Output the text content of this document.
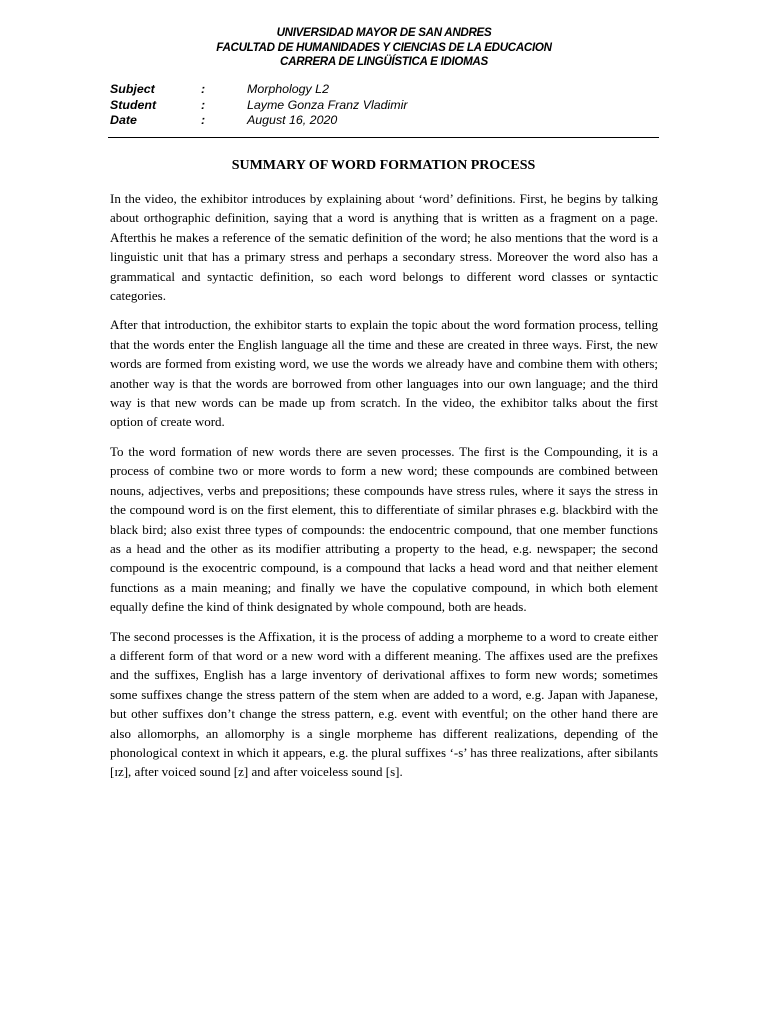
UNIVERSIDAD MAYOR DE SAN ANDRES
FACULTAD DE HUMANIDADES Y CIENCIAS DE LA EDUCACION
CARRERA DE LINGÜÍSTICA E IDIOMAS
Subject	:	Morphology L2
Student	:	Layme Gonza Franz Vladimir
Date	:	August 16, 2020
SUMMARY OF WORD FORMATION PROCESS

In the video, the exhibitor introduces by explaining about ‘word’ definitions. First, he begins by talking about orthographic definition, saying that a word is anything that is written as a fragment on a page. Afterthis he makes a reference of the sematic definition of the word; he also mentions that the word is a linguistic unit that has a primary stress and perhaps a secondary stress. Moreover the word also has a grammatical and syntactic definition, so each word belongs to different word classes or syntactic categories.

After that introduction, the exhibitor starts to explain the topic about the word formation process, telling that the words enter the English language all the time and these are created in three ways. First, the new words are formed from existing word, we use the words we already have and combine them with others; another way is that the words are borrowed from other languages into our own language; and the third way is that new words can be made up from scratch. In the video, the exhibitor talks about the first option of create word.

To the word formation of new words there are seven processes. The first is the Compounding, it is a process of combine two or more words to form a new word; these compounds are combined between nouns, adjectives, verbs and prepositions; these compounds have stress rules, where it says the stress in the compound word is on the first element, this to differentiate of similar phrases e.g. blackbird with the black bird; also exist three types of compounds: the endocentric compound, that one member functions as a head and the other as its modifier attributing a property to the head, e.g. newspaper; the second compound is the exocentric compound, is a compound that lacks a head word and that neither element functions as a main meaning; and finally we have the copulative compound, in which both element equally define the kind of think designated by whole compound, both are heads.

The second processes is the Affixation, it is the process of adding a morpheme to a word to create either a different form of that word or a new word with a different meaning. The affixes used are the prefixes and the suffixes, English has a large inventory of derivational affixes to form new words; sometimes some suffixes change the stress pattern of the stem when are added to a word, e.g. Japan with Japanese, but other suffixes don’t change the stress pattern, e.g. event with eventful; on the other hand there are also allomorphs, an allomorphy is a single morpheme has different realizations, depending of the phonological context in which it appears, e.g. the plural suffixes ‘-s’ has three realizations, after sibilants [ɪz], after voiced sound [z] and after voiceless sound [s].
